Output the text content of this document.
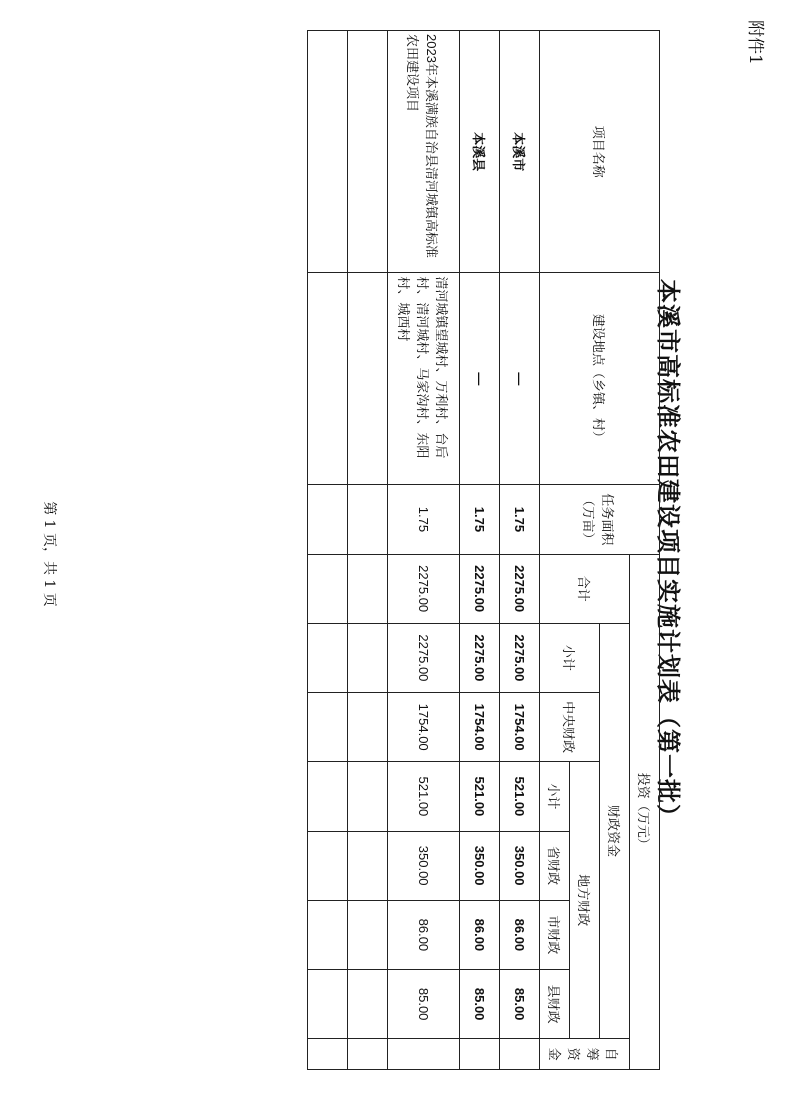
附件1
本溪市高标准农田建设项目实施计划表（第一批）
项目名称	建设地点（乡镇、村）	任务面积（万亩）	投资（万元）							
			合计	财政资金						自筹资金
				小计	中央财政	地方财政				
						小计	省财政	市财政	县财政	
本溪市	—	1.75	2275.00	2275.00	1754.00	521.00	350.00	86.00	85.00	
本溪县	—	1.75	2275.00	2275.00	1754.00	521.00	350.00	86.00	85.00	
2023年本溪满族自治县清河城镇高标准农田建设项目	清河城镇望城村、万利村、台后村、清河城村、马家沟村、东阳村、城西村	1.75	2275.00	2275.00	1754.00	521.00	350.00	86.00	85.00	

第 1 页，共 1 页
